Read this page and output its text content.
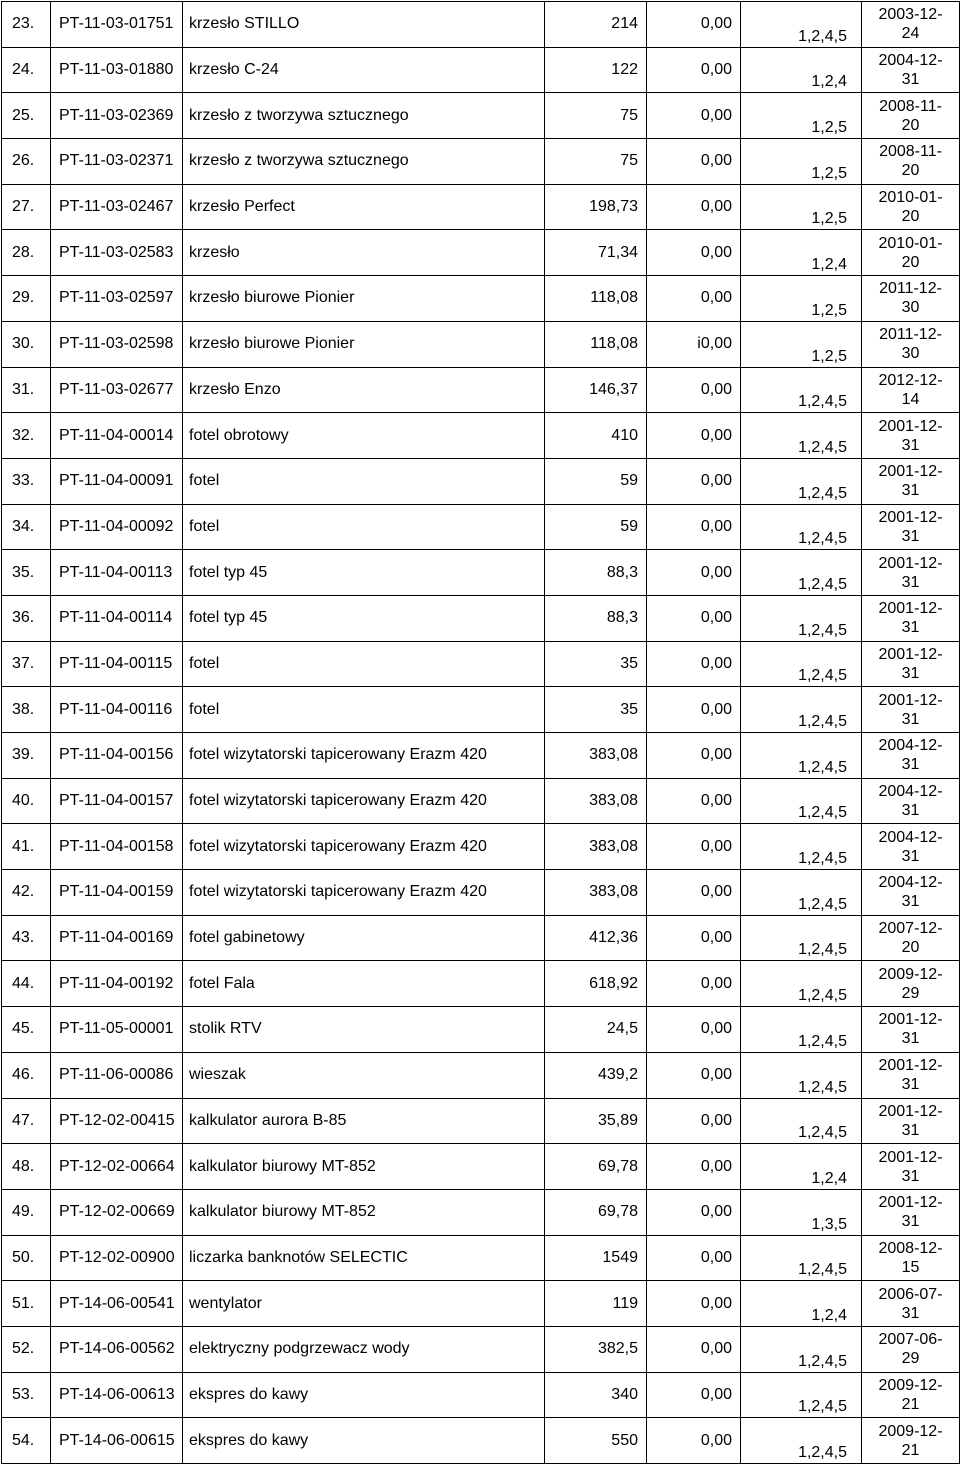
23.	PT-11-03-01751	krzesło STILLO	214	0,00	1,2,4,5	2003-12-
24

24.	PT-11-03-01880	krzesło C-24	122	0,00	1,2,4	2004-12-
31

25.	PT-11-03-02369	krzesło z tworzywa sztucznego	75	0,00	1,2,5	2008-11-
20

26.	PT-11-03-02371	krzesło z tworzywa sztucznego	75	0,00	1,2,5	2008-11-
20

27.	PT-11-03-02467	krzesło Perfect	198,73	0,00	1,2,5	2010-01-
20

28.	PT-11-03-02583	krzesło	71,34	0,00	1,2,4	2010-01-
20

29.	PT-11-03-02597	krzesło biurowe Pionier	118,08	0,00	1,2,5	2011-12-
30

30.	PT-11-03-02598	krzesło biurowe Pionier	118,08	i0,00	1,2,5	2011-12-
30

31.	PT-11-03-02677	krzesło Enzo	146,37	0,00	1,2,4,5	2012-12-
14

32.	PT-11-04-00014	fotel obrotowy	410	0,00	1,2,4,5	2001-12-
31

33.	PT-11-04-00091	fotel	59	0,00	1,2,4,5	2001-12-
31

34.	PT-11-04-00092	fotel	59	0,00	1,2,4,5	2001-12-
31

35.	PT-11-04-00113	fotel typ 45	88,3	0,00	1,2,4,5	2001-12-
31

36.	PT-11-04-00114	fotel typ 45	88,3	0,00	1,2,4,5	2001-12-
31

37.	PT-11-04-00115	fotel	35	0,00	1,2,4,5	2001-12-
31

38.	PT-11-04-00116	fotel	35	0,00	1,2,4,5	2001-12-
31

39.	PT-11-04-00156	fotel wizytatorski tapicerowany Erazm 420	383,08	0,00	1,2,4,5	2004-12-
31

40.	PT-11-04-00157	fotel wizytatorski tapicerowany Erazm 420	383,08	0,00	1,2,4,5	2004-12-
31

41.	PT-11-04-00158	fotel wizytatorski tapicerowany Erazm 420	383,08	0,00	1,2,4,5	2004-12-
31

42.	PT-11-04-00159	fotel wizytatorski tapicerowany Erazm 420	383,08	0,00	1,2,4,5	2004-12-
31

43.	PT-11-04-00169	fotel gabinetowy	412,36	0,00	1,2,4,5	2007-12-
20

44.	PT-11-04-00192	fotel Fala	618,92	0,00	1,2,4,5	2009-12-
29

45.	PT-11-05-00001	stolik RTV	24,5	0,00	1,2,4,5	2001-12-
31

46.	PT-11-06-00086	wieszak	439,2	0,00	1,2,4,5	2001-12-
31

47.	PT-12-02-00415	kalkulator aurora B-85	35,89	0,00	1,2,4,5	2001-12-
31

48.	PT-12-02-00664	kalkulator biurowy MT-852	69,78	0,00	1,2,4	2001-12-
31

49.	PT-12-02-00669	kalkulator biurowy MT-852	69,78	0,00	1,3,5	2001-12-
31

50.	PT-12-02-00900	liczarka banknotów SELECTIC	1549	0,00	1,2,4,5	2008-12-
15

51.	PT-14-06-00541	wentylator	119	0,00	1,2,4	2006-07-
31

52.	PT-14-06-00562	elektryczny podgrzewacz wody	382,5	0,00	1,2,4,5	2007-06-
29

53.	PT-14-06-00613	ekspres do kawy	340	0,00	1,2,4,5	2009-12-
21

54.	PT-14-06-00615	ekspres do kawy	550	0,00	1,2,4,5	2009-12-
21
